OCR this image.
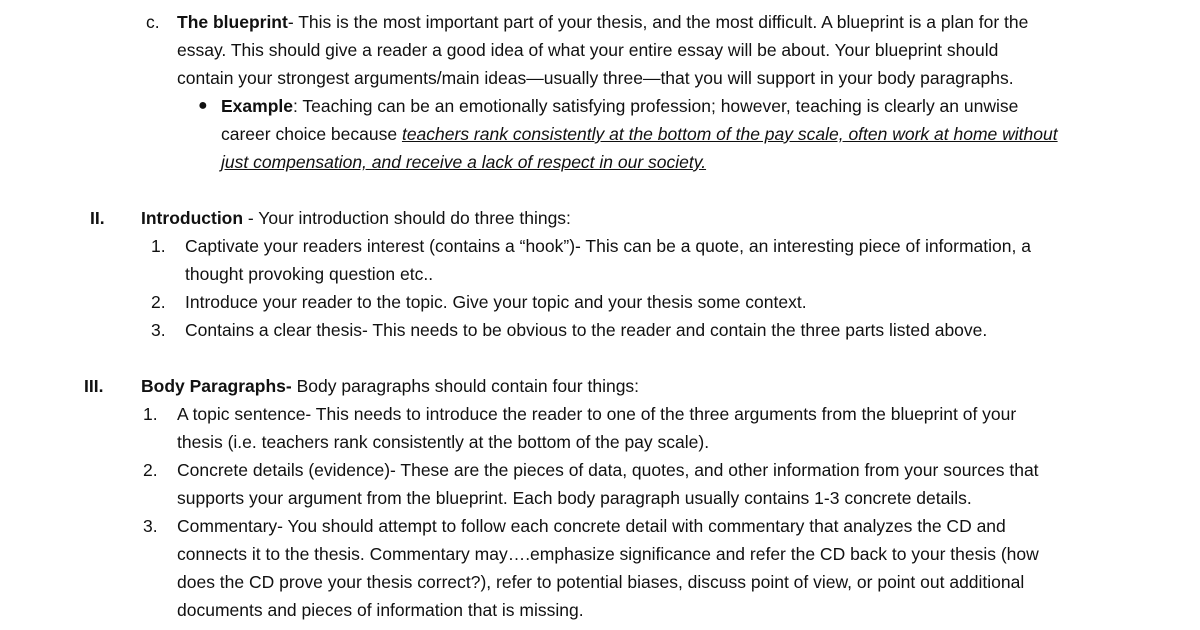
c. The blueprint- This is the most important part of your thesis, and the most difficult. A blueprint is a plan for the
essay. This should give a reader a good idea of what your entire essay will be about. Your blueprint should
contain your strongest arguments/main ideas—usually three—that you will support in your body paragraphs.
● Example: Teaching can be an emotionally satisfying profession; however, teaching is clearly an unwise
career choice because teachers rank consistently at the bottom of the pay scale, often work at home without
just compensation, and receive a lack of respect in our society.
II. Introduction - Your introduction should do three things:
1. Captivate your readers interest (contains a “hook”)- This can be a quote, an interesting piece of information, a
thought provoking question etc..
2. Introduce your reader to the topic. Give your topic and your thesis some context.
3. Contains a clear thesis- This needs to be obvious to the reader and contain the three parts listed above.
III. Body Paragraphs- Body paragraphs should contain four things:
1. A topic sentence- This needs to introduce the reader to one of the three arguments from the blueprint of your
thesis (i.e. teachers rank consistently at the bottom of the pay scale).
2. Concrete details (evidence)- These are the pieces of data, quotes, and other information from your sources that
supports your argument from the blueprint. Each body paragraph usually contains 1-3 concrete details.
3. Commentary- You should attempt to follow each concrete detail with commentary that analyzes the CD and
connects it to the thesis. Commentary may….emphasize significance and refer the CD back to your thesis (how
does the CD prove your thesis correct?), refer to potential biases, discuss point of view, or point out additional
documents and pieces of information that is missing.
